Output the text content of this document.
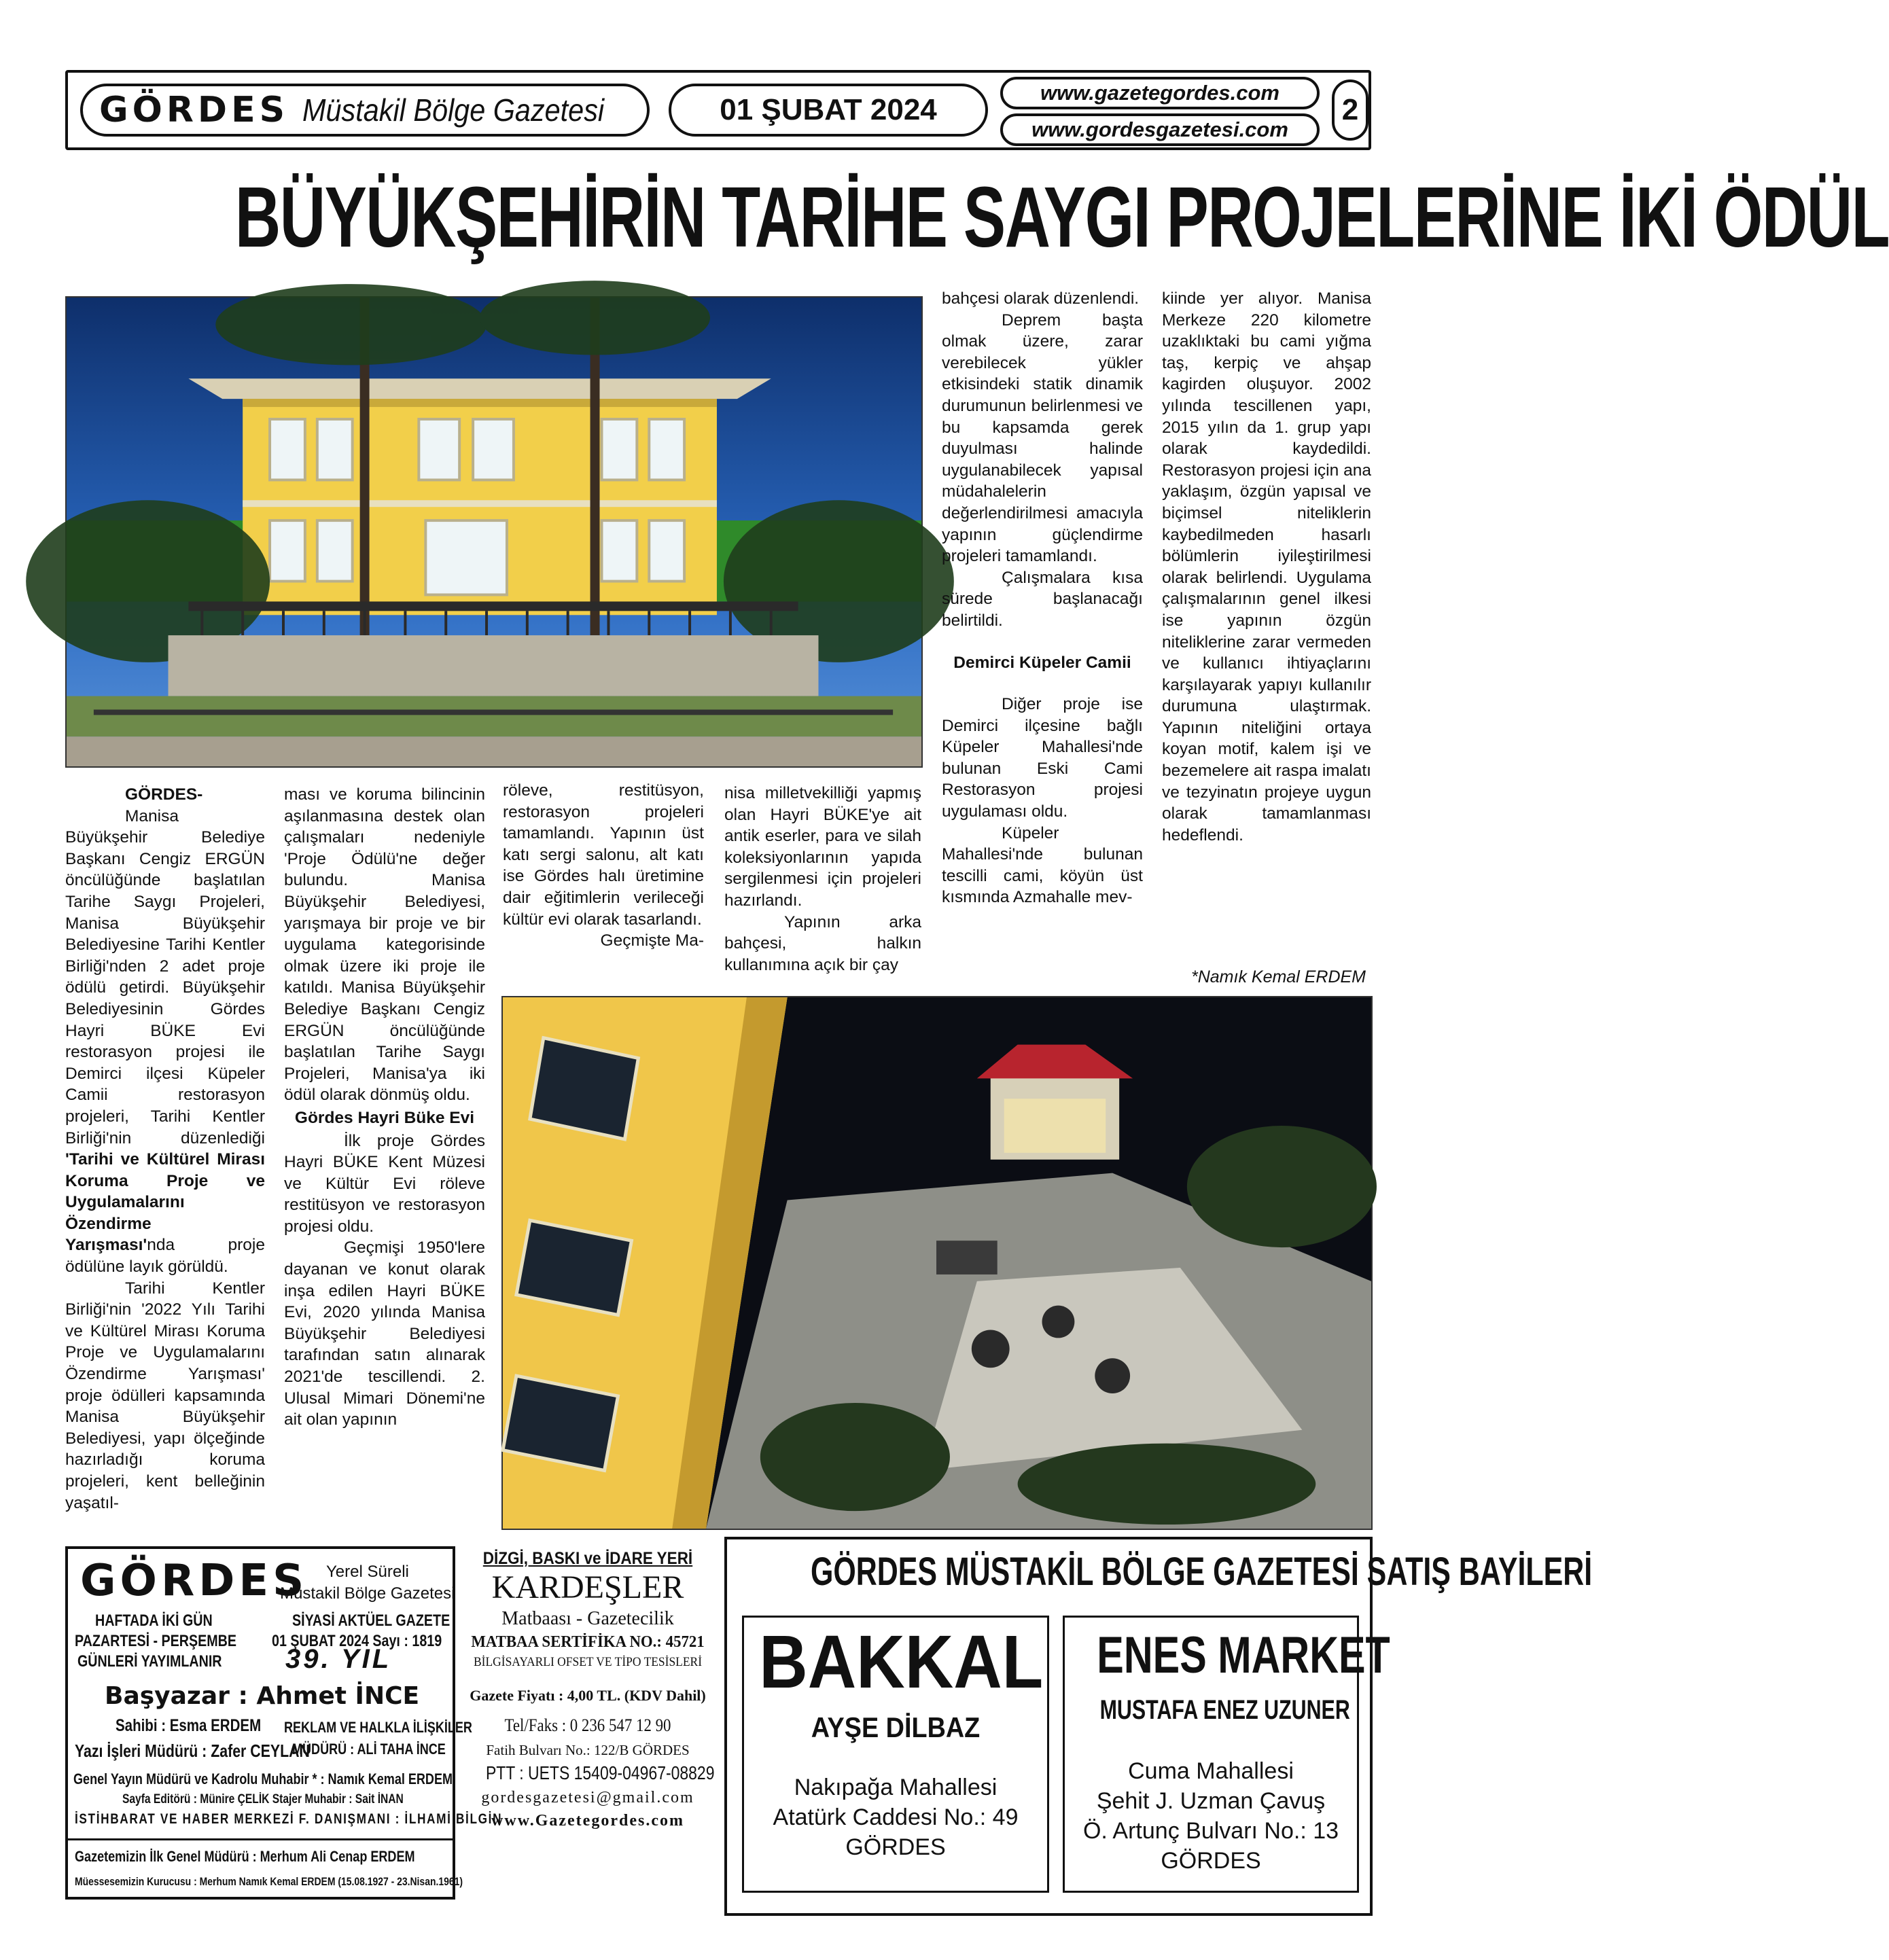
GÖRDES Müstakil Bölge Gazetesi	01 ŞUBAT 2024
www.gazetegordes.com
www.gordesgazetesi.com
2
BÜYÜKŞEHİRİN TARİHE SAYGI PROJELERİNE İKİ ÖDÜL

GÖRDES-

Manisa Büyükşehir Belediye Başkanı Cengiz ERGÜN öncülüğünde başlatılan Tarihe Saygı Projeleri, Manisa Büyükşehir Belediyesine Tarihi Kentler Birliği'nden 2 adet proje ödülü getirdi. Büyükşehir Belediyesinin Gördes Hayri BÜKE Evi restorasyon projesi ile Demirci ilçesi Küpeler Camii restorasyon projeleri, Tarihi Kentler Birliği'nin düzenlediği 'Tarihi ve Kültürel Mirası Koruma Proje ve Uygulamalarını Özendirme Yarışması'nda proje ödülüne layık görüldü.

Tarihi Kentler Birliği'nin '2022 Yılı Tarihi ve Kültürel Mirası Koruma Proje ve Uygulamalarını Özendirme Yarışması' proje ödülleri kapsamında Manisa Büyükşehir Belediyesi, yapı ölçeğinde hazırladığı koruma projeleri, kent belleğinin yaşatıl-

ması ve koruma bilincinin aşılanmasına destek olan çalışmaları nedeniyle 'Proje Ödülü'ne değer bulundu. Manisa Büyükşehir Belediyesi, yarışmaya bir proje ve bir uygulama kategorisinde olmak üzere iki proje ile katıldı. Manisa Büyükşehir Belediye Başkanı Cengiz ERGÜN öncülüğünde başlatılan Tarihe Saygı Projeleri, Manisa'ya iki ödül olarak dönmüş oldu.

Gördes Hayri Büke Evi

İlk proje Gördes Hayri BÜKE Kent Müzesi ve Kültür Evi röleve restitüsyon ve restorasyon projesi oldu.

Geçmişi 1950'lere dayanan ve konut olarak inşa edilen Hayri BÜKE Evi, 2020 yılında Manisa Büyükşehir Belediyesi tarafından satın alınarak 2021'de tescillendi. 2. Ulusal Mimari Dönemi'ne ait olan yapının

röleve, restitüsyon, restorasyon projeleri tamamlandı. Yapının üst katı sergi salonu, alt katı ise Gördes halı üretimine dair eğitimlerin verileceği kültür evi olarak tasarlandı.

Geçmişte Ma-

nisa milletvekilliği yapmış olan Hayri BÜKE'ye ait antik eserler, para ve silah koleksiyonlarının yapıda sergilenmesi için projeleri hazırlandı.

Yapının arka bahçesi, halkın kullanımına açık bir çay

bahçesi olarak düzenlendi.

Deprem başta olmak üzere, zarar verebilecek yükler etkisindeki statik dinamik durumunun belirlenmesi ve bu kapsamda gerek duyulması halinde uygulanabilecek yapısal müdahalelerin değerlendirilmesi amacıyla yapının güçlendirme projeleri tamamlandı.

Çalışmalara kısa sürede başlanacağı belirtildi.

Demirci Küpeler Camii

Diğer proje ise Demirci ilçesine bağlı Küpeler Mahallesi'nde bulunan Eski Cami Restorasyon projesi uygulaması oldu.

Küpeler Mahallesi'nde bulunan tescilli cami, köyün üst kısmında Azmahalle mev-

kiinde yer alıyor. Manisa Merkeze 220 kilometre uzaklıktaki bu cami yığma taş, kerpiç ve ahşap kagirden oluşuyor. 2002 yılında tescillenen yapı, 2015 yılın da 1. grup yapı olarak kaydedildi. Restorasyon projesi için ana yaklaşım, özgün yapısal ve biçimsel niteliklerin kaybedilmeden hasarlı bölümlerin iyileştirilmesi olarak belirlendi. Uygulama çalışmalarının genel ilkesi ise yapının özgün niteliklerine zarar vermeden ve kullanıcı ihtiyaçlarını karşılayarak yapıyı kullanılır durumuna ulaştırmak. Yapının niteliğini ortaya koyan motif, kalem işi ve bezemelere ait raspa imalatı ve tezyinatın projeye uygun olarak tamamlanması hedeflendi.

*Namık Kemal ERDEM
GÖRDES Yerel Süreli
Müstakil Bölge Gazetesi
HAFTADA İKİ GÜN	SİYASİ AKTÜEL GAZETE
PAZARTESİ - PERŞEMBE 01 ŞUBAT 2024 Sayı : 1819
GÜNLERİ YAYIMLANIR 39. YIL
Başyazar : Ahmet İNCE
Sahibi : Esma ERDEM REKLAM VE HALKLA İLİŞKİLER
Yazı İşleri Müdürü : Zafer CEYLAN
MÜDÜRÜ : ALİ TAHA İNCE
Genel Yayın Müdürü ve Kadrolu Muhabir * : Namık Kemal ERDEM
Sayfa Editörü : Münire ÇELİK Stajer Muhabir : Sait İNAN
İSTİHBARAT VE HABER MERKEZİ F. DANIŞMANI : İLHAMİ BİLGİN
Gazetemizin İlk Genel Müdürü : Merhum Ali Cenap ERDEM
Müessesemizin Kurucusu : Merhum Namık Kemal ERDEM (15.08.1927 - 23.Nisan.1961)
DİZGİ, BASKI ve İDARE YERİ
KARDEŞLER
Matbaası - Gazetecilik
MATBAA SERTİFİKA NO.: 45721
BİLGİSAYARLI OFSET VE TİPO TESİSLERİ
Gazete Fiyatı : 4,00 TL. (KDV Dahil)
Tel/Faks : 0 236 547 12 90
Fatih Bulvarı No.: 122/B GÖRDES
PTT : UETS 15409-04967-08829
gordesgazetesi@gmail.com
www.Gazetegordes.com
GÖRDES MÜSTAKİL BÖLGE GAZETESİ SATIŞ BAYİLERİ
BAKKAL
AYŞE DİLBAZ
Nakıpağa Mahallesi
Atatürk Caddesi No.: 49
GÖRDES
ENES MARKET
MUSTAFA ENEZ UZUNER
Cuma Mahallesi
Şehit J. Uzman Çavuş
Ö. Artunç Bulvarı No.: 13
GÖRDES
